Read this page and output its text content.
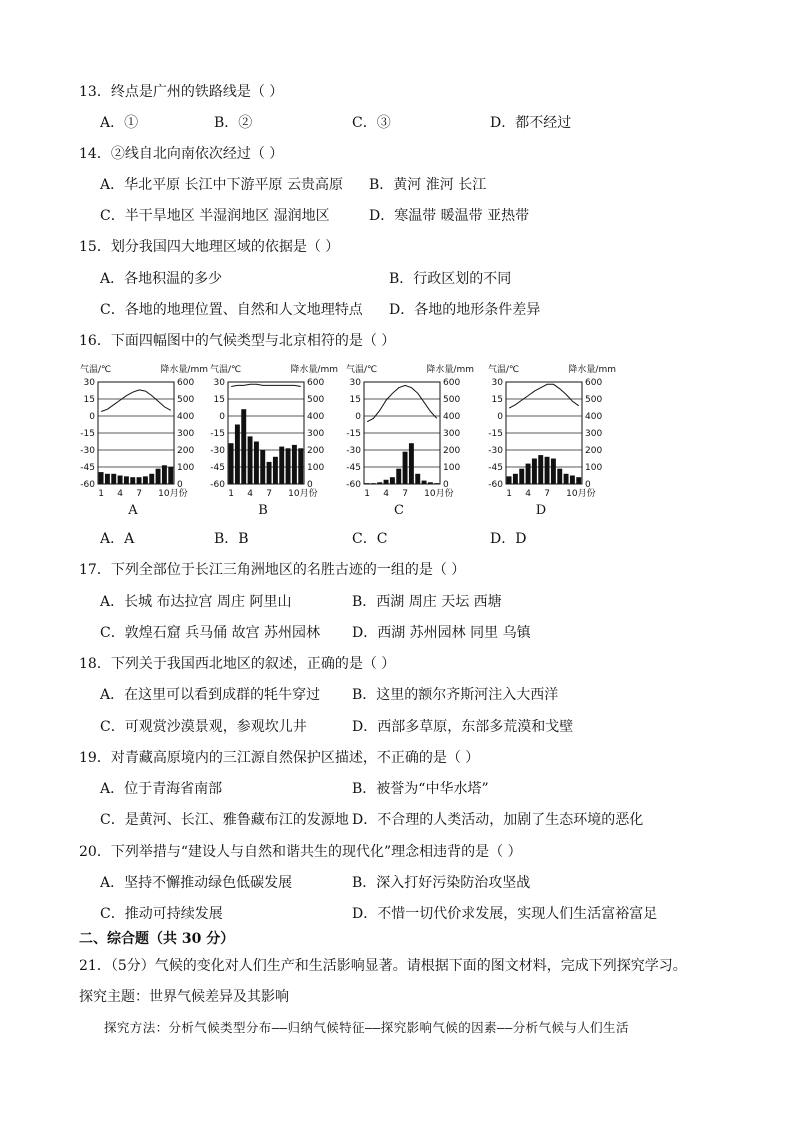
13．终点是广州的铁路线是（ ）
A．①	B．②	C．③	D．都不经过
14．②线自北向南依次经过（ ）
A．华北平原 长江中下游平原 云贵高原 B．黄河 淮河 长江
C．半干旱地区 半湿润地区 湿润地区	D．寒温带 暖温带 亚热带
15．划分我国四大地理区域的依据是（ ）
A．各地积温的多少	B．行政区划的不同
C．各地的地理位置、自然和人文地理特点 D．各地的地形条件差异
16．下面四幅图中的气候类型与北京相符的是（ ）
气温/℃	降水量/mm
30	600
15	500
0	400
-15	300
-30	200
-45	100
-60	0
1 4 7 10月份
A
气温/℃	降水量/mm
30	600
15	500
0	400
-15	300
-30	200
-45	100
-60	0
1 4 7 10月份
B
气温/℃	降水量/mm
30	600
15	500
0	400
-15	300
-30	200
-45	100
-60	0
1 4 7 10月份
C
气温/℃	降水量/mm
30	600
15	500
0	400
-15	300
-30	200
-45	100
-60	0
1 4 7 10月份
D
A．A	B．B	C．C	D．D
17．下列全部位于长江三角洲地区的名胜古迹的一组的是（ ）
A．长城 布达拉宫 周庄 阿里山	B．西湖 周庄 天坛 西塘
C．敦煌石窟 兵马俑 故宫 苏州园林 D．西湖 苏州园林 同里 乌镇
18．下列关于我国西北地区的叙述，正确的是（ ）
A．在这里可以看到成群的牦牛穿过 B．这里的额尔齐斯河注入大西洋
C．可观赏沙漠景观，参观坎儿井	D．西部多草原，东部多荒漠和戈壁
19．对青藏高原境内的三江源自然保护区描述，不正确的是（ ）
A．位于青海省南部	B．被誉为“中华水塔”
C．是黄河、长江、雅鲁藏布江的发源地 D．不合理的人类活动，加剧了生态环境的恶化
20．下列举措与“建设人与自然和谐共生的现代化”理念相违背的是（ ）
A．坚持不懈推动绿色低碳发展	B．深入打好污染防治攻坚战
C．推动可持续发展	D．不惜一切代价求发展，实现人们生活富裕富足
二、综合题（共 30 分）
21．（5分）气候的变化对人们生产和生活影响显著。请根据下面的图文材料，完成下列探究学习。
探究主题：世界气候差异及其影响
探究方法：分析气候类型分布——归纳气候特征——探究影响气候的因素——分析气候与人们生活
